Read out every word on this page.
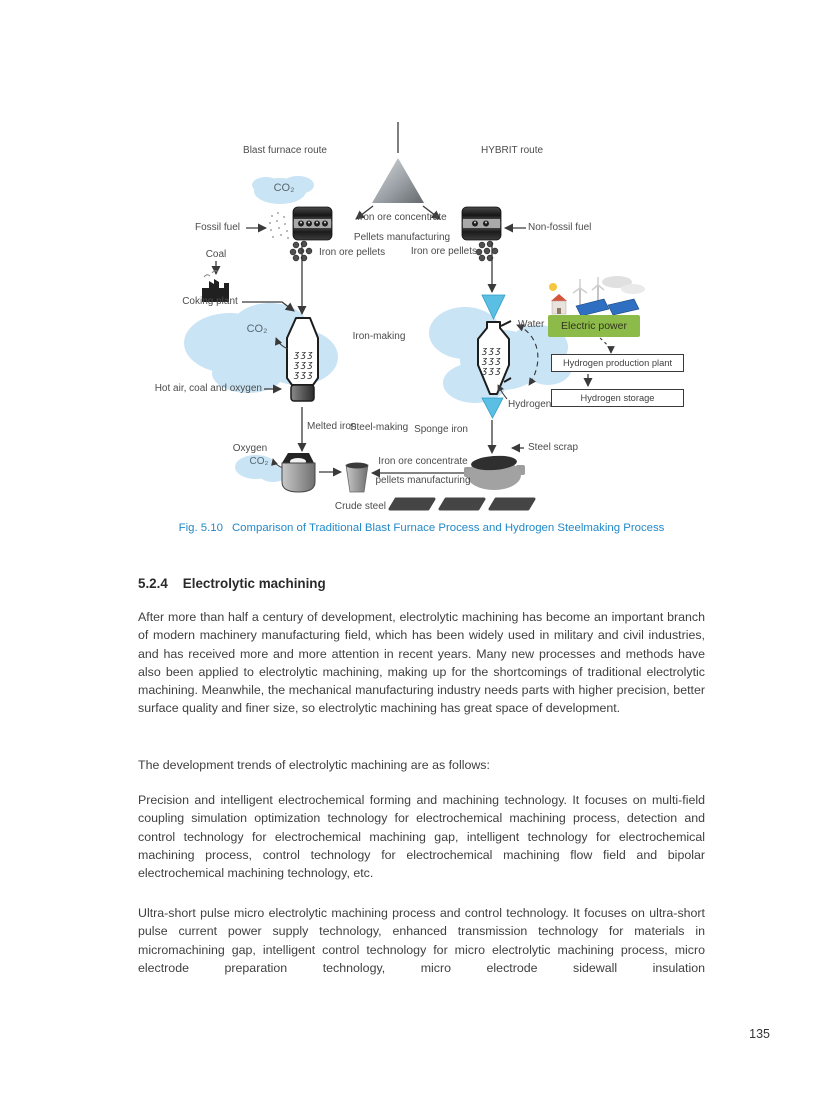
ʒʒʒ
ʒʒʒ
ʒʒʒ
ʒʒʒ
ʒʒʒ
ʒʒʒ
Blast furnace route	HYBRIT route
CO₂
Iron ore concentrate
Pellets manufacturing
Fossil fuel	Non-fossil fuel
Iron ore pellets	Iron ore pellets
Coal
Coking plant
CO₂
Hot air, coal and oxygen
Iron-making
Water
Hydrogen
Melted iron
Steel-making Sponge iron
Steel scrap
Oxygen
CO₂	Iron ore concentrate
pellets manufacturing
Crude steel
Electric power
Hydrogen production plant
Hydrogen storage
Fig. 5.10 Comparison of Traditional Blast Furnace Process and Hydrogen Steelmaking Process
5.2.4 Electrolytic machining
After more than half a century of development, electrolytic machining has become an important branch of modern machinery manufacturing field, which has been widely used in military and civil industries, and has received more and more attention in recent years. Many new processes and methods have also been applied to electrolytic machining, making up for the shortcomings of traditional electrolytic machining. Meanwhile, the mechanical manufacturing industry needs parts with higher precision, better surface quality and finer size, so electrolytic machining has great space of development.
The development trends of electrolytic machining are as follows:
Precision and intelligent electrochemical forming and machining technology. It focuses on multi-field coupling simulation optimization technology for electrochemical machining process, detection and control technology for electrochemical machining gap, intelligent technology for electrochemical machining process, control technology for electrochemical machining flow field and bipolar electrochemical machining technology, etc.
Ultra-short pulse micro electrolytic machining process and control technology. It focuses on ultra-short pulse current power supply technology, enhanced transmission technology for materials in micromachining gap, intelligent control technology for micro electrolytic machining process, micro electrode preparation technology, micro electrode sidewall insulation
135
